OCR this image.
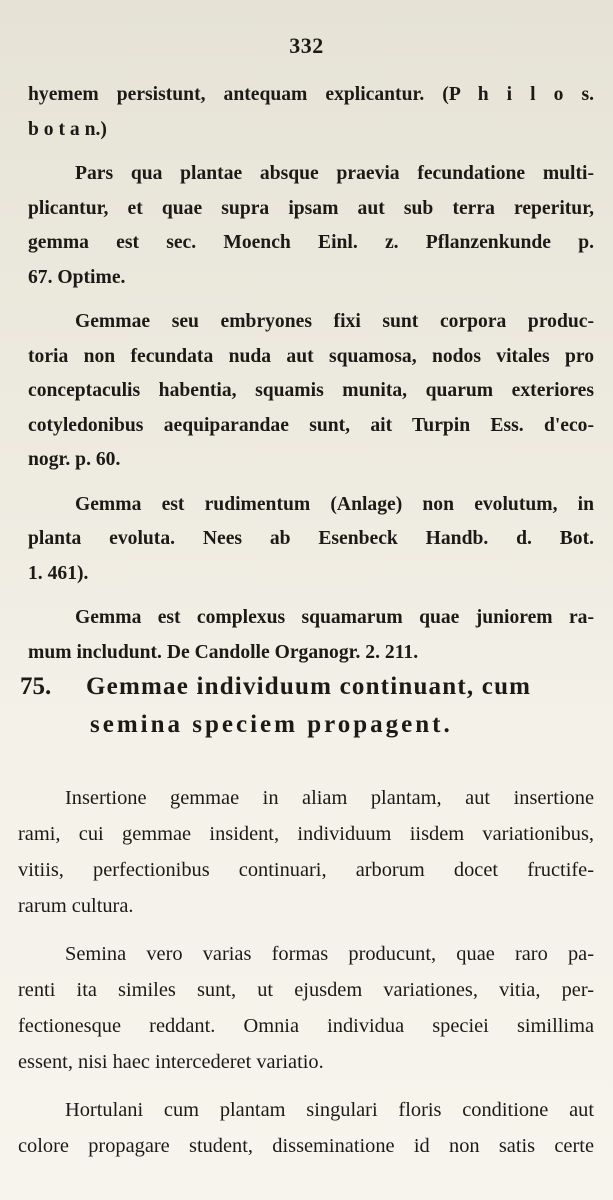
332

hyemem persistunt, antequam explicantur. (P h i l o s.
b o t a n.)

Pars qua plantae absque praevia fecundatione multi-
plicantur, et quae supra ipsam aut sub terra reperitur,
gemma est sec. Moench Einl. z. Pflanzenkunde p.
67. Optime.

Gemmae seu embryones fixi sunt corpora produc-
toria non fecundata nuda aut squamosa, nodos vitales pro
conceptaculis habentia, squamis munita, quarum exteriores
cotyledonibus aequiparandae sunt, ait Turpin Ess. d'eco-
nogr. p. 60.

Gemma est rudimentum (Anlage) non evolutum, in
planta evoluta. Nees ab Esenbeck Handb. d. Bot.
1. 461).

Gemma est complexus squamarum quae juniorem ra-
mum includunt. De Candolle Organogr. 2. 211.

75. Gemmae individuum continuant, cum
semina speciem propagent.

Insertione gemmae in aliam plantam, aut insertione
rami, cui gemmae insident, individuum iisdem variationibus,
vitiis, perfectionibus continuari, arborum docet fructife-
rarum cultura.

Semina vero varias formas producunt, quae raro pa-
renti ita similes sunt, ut ejusdem variationes, vitia, per-
fectionesque reddant. Omnia individua speciei simillima
essent, nisi haec intercederet variatio.

Hortulani cum plantam singulari floris conditione aut
colore propagare student, disseminatione id non satis certe
